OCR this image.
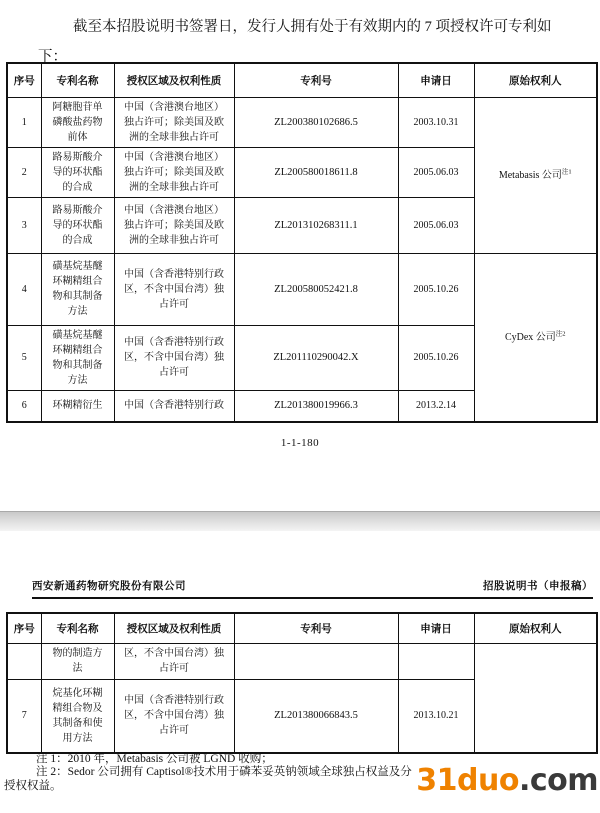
截至本招股说明书签署日，发行人拥有处于有效期内的 7 项授权许可专利如
下：

序号	专利名称	授权区域及权利性质	专利号	申请日	原始权利人
1	阿糖胞苷单磷酸盐药物前体	中国（含港澳台地区）独占许可；除美国及欧洲的全球非独占许可	ZL200380102686.5	2003.10.31	Metabasis 公司$^{注1}$
2	路易斯酸介导的环状酯的合成	中国（含港澳台地区）独占许可；除美国及欧洲的全球非独占许可	ZL200580018611.8	2005.06.03	
3	路易斯酸介导的环状酯的合成	中国（含港澳台地区）独占许可；除美国及欧洲的全球非独占许可	ZL201310268311.1	2005.06.03	
4	磺基烷基醚环糊精组合物和其制备方法	中国（含香港特别行政区，不含中国台湾）独占许可	ZL200580052421.8	2005.10.26	CyDex 公司$^{注2}$
5	磺基烷基醚环糊精组合物和其制备方法	中国（含香港特别行政区，不含中国台湾）独占许可	ZL201110290042.X	2005.10.26	
6	环糊精衍生	中国（含香港特别行政	ZL201380019966.3	2013.2.14	
1-1-180
西安新通药物研究股份有限公司	招股说明书（申报稿）
序号	专利名称	授权区域及权利性质	专利号	申请日	原始权利人
	物的制造方法	区，不含中国台湾）独占许可			
7	烷基化环糊精组合物及其制备和使用方法	中国（含香港特别行政区，不含中国台湾）独占许可	ZL201380066843.5	2013.10.21	
注 1：2010 年，Metabasis 公司被 LGND 收购；
注 2：Sedor 公司拥有 Captisol®技术用于磷苯妥英钠领域全球独占权益及分
授权权益。	31duo.com
